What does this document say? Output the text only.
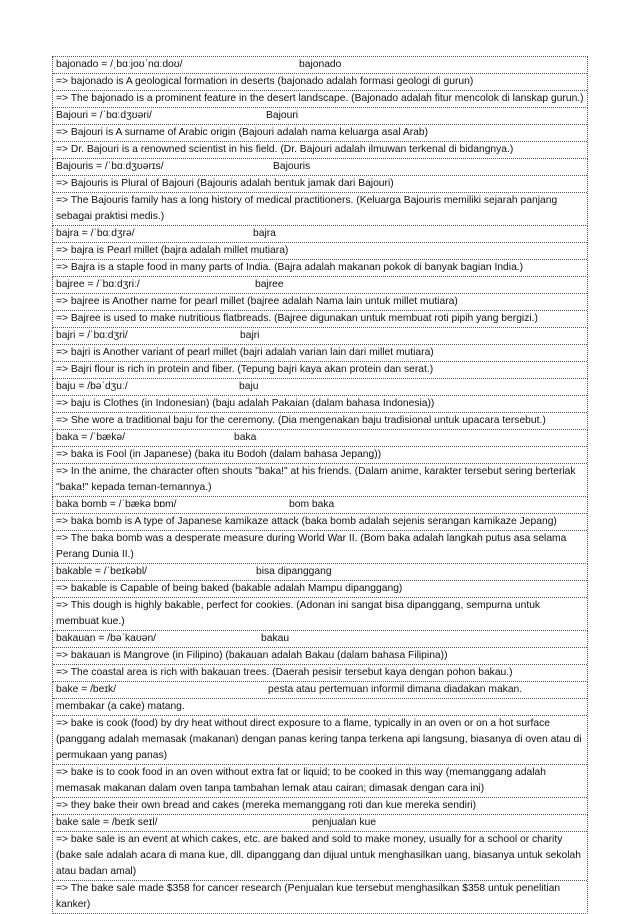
bajonado = /ˌbɑːjoʊˈnɑːdoʊ/	bajonado
=> bajonado is A geological formation in deserts (bajonado adalah formasi geologi di gurun)
=> The bajonado is a prominent feature in the desert landscape. (Bajonado adalah fitur mencolok di lanskap gurun.)
Bajouri = /ˈbɑːdʒʊəri/	Bajouri
=> Bajouri is A surname of Arabic origin (Bajouri adalah nama keluarga asal Arab)
=> Dr. Bajouri is a renowned scientist in his field. (Dr. Bajouri adalah ilmuwan terkenal di bidangnya.)
Bajouris = /ˈbɑːdʒʊərɪs/	Bajouris
=> Bajouris is Plural of Bajouri (Bajouris adalah bentuk jamak dari Bajouri)
=> The Bajouris family has a long history of medical practitioners. (Keluarga Bajouris memiliki sejarah panjang sebagai praktisi medis.)
bajra = /ˈbɑːdʒrə/	bajra
=> bajra is Pearl millet (bajra adalah millet mutiara)
=> Bajra is a staple food in many parts of India. (Bajra adalah makanan pokok di banyak bagian India.)
bajree = /ˈbɑːdʒriː/	bajree
=> bajree is Another name for pearl millet (bajree adalah Nama lain untuk millet mutiara)
=> Bajree is used to make nutritious flatbreads. (Bajree digunakan untuk membuat roti pipih yang bergizi.)
bajri = /ˈbɑːdʒri/	bajri
=> bajri is Another variant of pearl millet (bajri adalah varian lain dari millet mutiara)
=> Bajri flour is rich in protein and fiber. (Tepung bajri kaya akan protein dan serat.)
baju = /bəˈdʒuː/	baju
=> baju is Clothes (in Indonesian) (baju adalah Pakaian (dalam bahasa Indonesia))
=> She wore a traditional baju for the ceremony. (Dia mengenakan baju tradisional untuk upacara tersebut.)
baka = /ˈbækə/	baka
=> baka is Fool (in Japanese) (baka itu Bodoh (dalam bahasa Jepang))
=> In the anime, the character often shouts "baka!" at his friends. (Dalam anime, karakter tersebut sering berteriak "baka!" kepada teman-temannya.)
baka bomb = /ˈbækə bɒm/	bom baka
=> baka bomb is A type of Japanese kamikaze attack (baka bomb adalah sejenis serangan kamikaze Jepang)
=> The baka bomb was a desperate measure during World War II. (Bom baka adalah langkah putus asa selama Perang Dunia II.)
bakable = /ˈbeɪkəbl/	bisa dipanggang
=> bakable is Capable of being baked (bakable adalah Mampu dipanggang)
=> This dough is highly bakable, perfect for cookies. (Adonan ini sangat bisa dipanggang, sempurna untuk membuat kue.)
bakauan = /bəˈkaʊən/	bakau
=> bakauan is Mangrove (in Filipino) (bakauan adalah Bakau (dalam bahasa Filipina))
=> The coastal area is rich with bakauan trees. (Daerah pesisir tersebut kaya dengan pohon bakau.)
bake = /beɪk/	pesta atau pertemuan informil dimana diadakan makan.
membakar (a cake) matang.
=> bake is cook (food) by dry heat without direct exposure to a flame, typically in an oven or on a hot surface (panggang adalah memasak (makanan) dengan panas kering tanpa terkena api langsung, biasanya di oven atau di permukaan yang panas)
=> bake is to cook food in an oven without extra fat or liquid; to be cooked in this way (memanggang adalah memasak makanan dalam oven tanpa tambahan lemak atau cairan; dimasak dengan cara ini)
=> they bake their own bread and cakes (mereka memanggang roti dan kue mereka sendiri)
bake sale = /beɪk seɪl/	penjualan kue
=> bake sale is an event at which cakes, etc. are baked and sold to make money, usually for a school or charity (bake sale adalah acara di mana kue, dll. dipanggang dan dijual untuk menghasilkan uang, biasanya untuk sekolah atau badan amal)
=> The bake sale made $358 for cancer research (Penjualan kue tersebut menghasilkan $358 untuk penelitian kanker)
